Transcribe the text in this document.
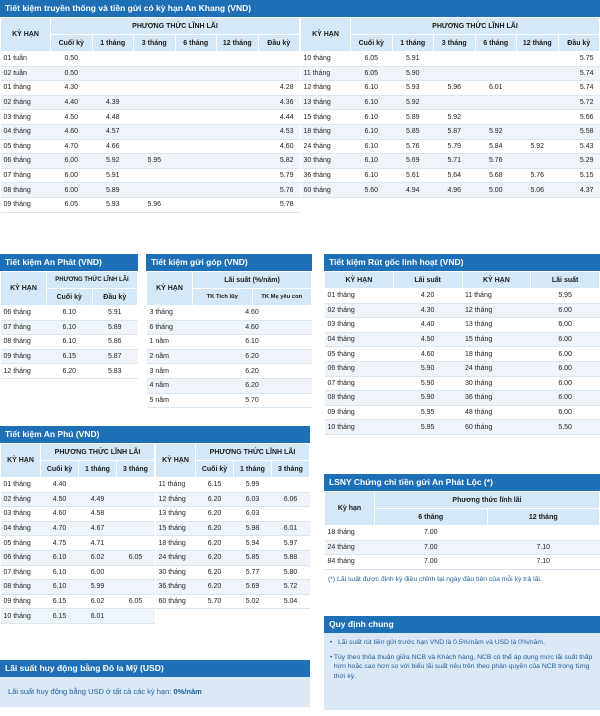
Tiết kiệm truyền thống và tiền gửi có kỳ hạn An Khang (VND)
KỲ HẠN	PHƯƠNG THỨC LĨNH LÃI					
	Cuối kỳ	1 tháng	3 tháng	6 tháng	12 tháng	Đầu kỳ
01 tuần	0.50					
02 tuần	0.50					
01 tháng	4.30					4.28
02 tháng	4.40	4.39				4.36
03 tháng	4.50	4.48				4.44
04 tháng	4.60	4.57				4.53
05 tháng	4.70	4.66				4.60
06 tháng	6.00	5.92	5.95			5.82
07 tháng	6.00	5.91				5.79
08 tháng	6.00	5.89				5.76
09 tháng	6.05	5.93	5.96			5.78
KỲ HẠN	PHƯƠNG THỨC LĨNH LÃI					
	Cuối kỳ	1 tháng	3 tháng	6 tháng	12 tháng	Đầu kỳ
10 tháng	6.05	5.91				5.75
11 tháng	6.05	5.90				5.74
12 tháng	6.10	5.93	5.96	6.01		5.74
13 tháng	6.10	5.92				5.72
15 tháng	6.10	5.89	5.92			5.66
18 tháng	6.10	5.85	5.87	5.92		5.58
24 tháng	6.10	5.76	5.79	5.84	5.92	5.43
30 tháng	6.10	5.69	5.71	5.76		5.29
36 tháng	6.10	5.61	5.64	5.68	5.76	5.15
60 tháng	5.60	4.94	4.96	5.00	5.06	4.37
Tiết kiệm An Phát (VND)
KỲ HẠN	PHƯƠNG THỨC LĨNH LÃI	
	Cuối kỳ	Đầu kỳ
06 tháng	6.10	5.91
07 tháng	6.10	5.89
08 tháng	6.10	5.86
09 tháng	6.15	5.87
12 tháng	6.20	5.83
Tiết kiệm gửi góp (VND)
KỲ HẠN	Lãi suất (%/năm)	
	TK Tích lũy	TK Mẹ yêu con
3 tháng	4.60	
6 tháng	4.60	
1 năm	6.10	
2 năm	6.20	
3 năm	6.20	
4 năm	6.20	
5 năm	5.70	
Tiết kiệm Rút gốc linh hoạt (VND)
KỲ HẠN	Lãi suất	KỲ HẠN	Lãi suất
01 tháng	4.20	11 tháng	5.95
02 tháng	4.30	12 tháng	6.00
03 tháng	4.40	13 tháng	6.00
04 tháng	4.50	15 tháng	6.00
05 tháng	4.60	18 tháng	6.00
06 tháng	5.90	24 tháng	6.00
07 tháng	5.90	30 tháng	6.00
08 tháng	5.90	36 tháng	6.00
09 tháng	5.95	48 tháng	6.00
10 tháng	5.95	60 tháng	5.50
Tiết kiệm An Phú (VND)
KỲ HẠN	PHƯƠNG THỨC LĨNH LÃI		
	Cuối kỳ	1 tháng	3 tháng
01 tháng	4.40		
02 tháng	4.50	4.49	
03 tháng	4.60	4.58	
04 tháng	4.70	4.67	
05 tháng	4.75	4.71	
06 tháng	6.10	6.02	6.05
07 tháng	6.10	6.00	
08 tháng	6.10	5.99	
09 tháng	6.15	6.02	6.05
10 tháng	6.15	6.01	
KỲ HẠN	PHƯƠNG THỨC LĨNH LÃI		
	Cuối kỳ	1 tháng	3 tháng
11 tháng	6.15	5.99	
12 tháng	6.20	6.03	6.06
13 tháng	6.20	6.03	
15 tháng	6.20	5.98	6.01
18 tháng	6.20	5.94	5.97
24 tháng	6.20	5.85	5.88
30 tháng	6.20	5.77	5.80
36 tháng	6.20	5.69	5.72
60 tháng	5.70	5.02	5.04
LSNY Chứng chỉ tiền gửi An Phát Lộc (*)
Kỳ hạn	Phương thức lĩnh lãi	
	6 tháng	12 tháng
18 tháng	7.00	
24 tháng	7.00	7.10
84 tháng	7.00	7.10
(*) Lãi suất được định kỳ điều chỉnh tại ngày đầu tiên của mỗi kỳ trả lãi.
Lãi suất huy động bằng Đô la Mỹ (USD)
Lãi suất huy động bằng USD ở tất cả các kỳ hạn: 0%/năm
Quy định chung
• Lãi suất rút tiền gửi trước hạn VND là 0.5%/năm và USD là 0%/năm.
• Tùy theo thỏa thuận giữa NCB và Khách hàng, NCB có thể áp dụng mức lãi suất thấp hơn hoặc cao hơn so với biểu lãi suất nêu trên theo phân quyền của NCB trong từng thời kỳ.
